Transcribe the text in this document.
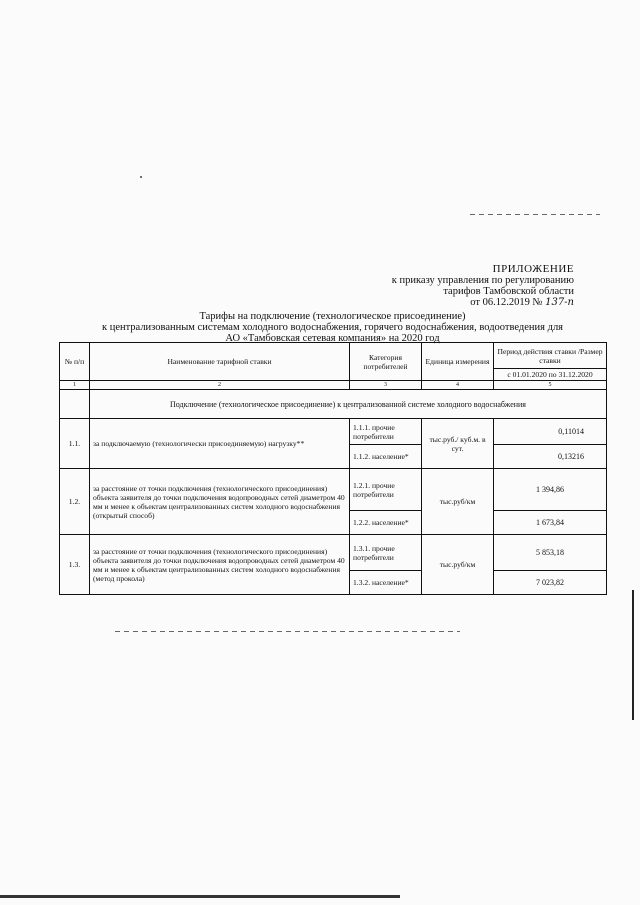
ПРИЛОЖЕНИЕ
к приказу управления по регулированию
тарифов Тамбовской области
от 06.12.2019 № 137-п
Тарифы на подключение (технологическое присоединение)
к централизованным системам холодного водоснабжения, горячего водоснабжения, водоотведения для
АО «Тамбовская сетевая компания» на 2020 год
№ п/п	Наименование тарифной ставки	Категория потребителей	Единица измерения	Период действия ставки /Размер ставки
				с 01.01.2020 по 31.12.2020
1	2	3	4	5
	Подключение (технологическое присоединение) к централизованной системе холодного водоснабжения			
1.1.	за подключаемую (технологически присоединяемую) нагрузку**	1.1.1. прочие потребители	тыс.руб./ куб.м. в сут.	0,11014
		1.1.2. население*		0,13216
1.2.	за расстояние от точки подключения (технологического присоединения) объекта заявителя до точки подключения водопроводных сетей диаметром 40 мм и менее к объектам централизованных систем холодного водоснабжения (открытый способ)	1.2.1. прочие потребители	тыс.руб/км	1 394,86
		1.2.2. население*		1 673,84
1.3.	за расстояние от точки подключения (технологического присоединения) объекта заявителя до точки подключения водопроводных сетей диаметром 40 мм и менее к объектам централизованных систем холодного водоснабжения (метод прокола)	1.3.1. прочие потребители	тыс.руб/км	5 853,18
		1.3.2. население*		7 023,82
